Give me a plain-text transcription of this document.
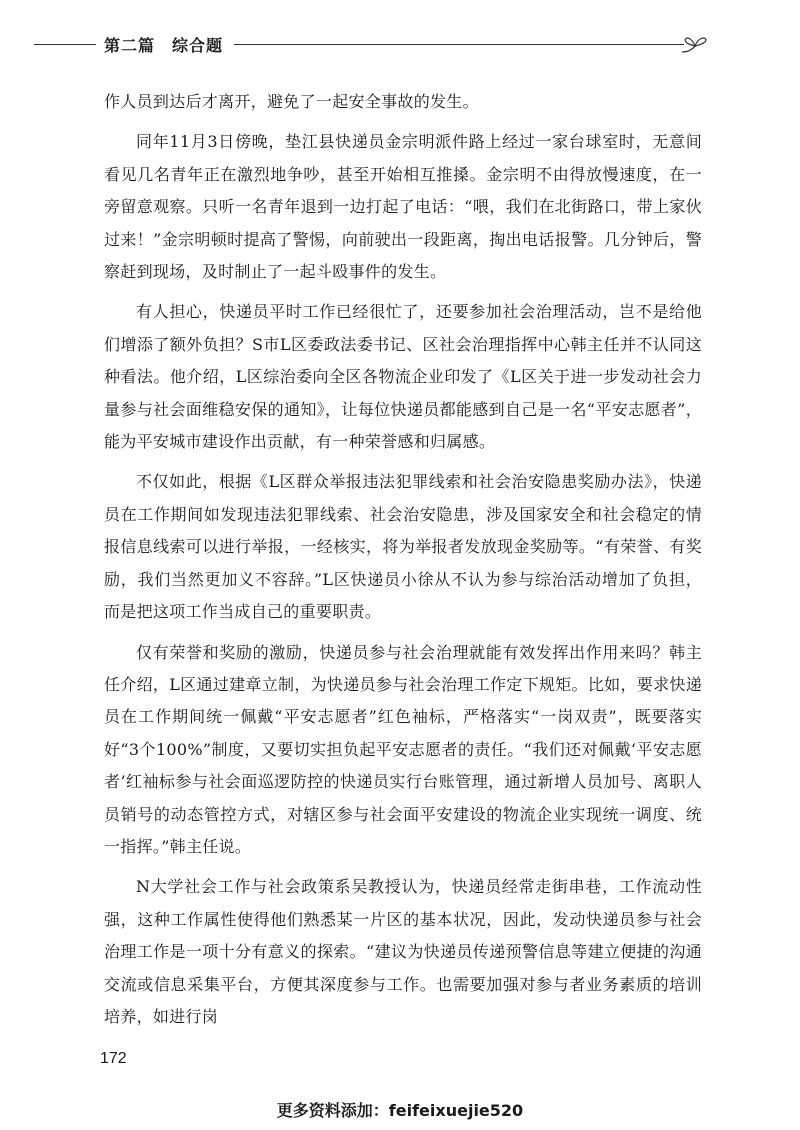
第二篇 综合题

作人员到达后才离开，避免了一起安全事故的发生。

同年11月3日傍晚，垫江县快递员金宗明派件路上经过一家台球室时，无意间看见几名青年正在激烈地争吵，甚至开始相互推搡。金宗明不由得放慢速度，在一旁留意观察。只听一名青年退到一边打起了电话：“喂，我们在北街路口，带上家伙过来！”金宗明顿时提高了警惕，向前驶出一段距离，掏出电话报警。几分钟后，警察赶到现场，及时制止了一起斗殴事件的发生。

有人担心，快递员平时工作已经很忙了，还要参加社会治理活动，岂不是给他们增添了额外负担？S市L区委政法委书记、区社会治理指挥中心韩主任并不认同这种看法。他介绍，L区综治委向全区各物流企业印发了《L区关于进一步发动社会力量参与社会面维稳安保的通知》，让每位快递员都能感到自己是一名“平安志愿者”，能为平安城市建设作出贡献，有一种荣誉感和归属感。

不仅如此，根据《L区群众举报违法犯罪线索和社会治安隐患奖励办法》，快递员在工作期间如发现违法犯罪线索、社会治安隐患，涉及国家安全和社会稳定的情报信息线索可以进行举报，一经核实，将为举报者发放现金奖励等。“有荣誉、有奖励，我们当然更加义不容辞。”L区快递员小徐从不认为参与综治活动增加了负担，而是把这项工作当成自己的重要职责。

仅有荣誉和奖励的激励，快递员参与社会治理就能有效发挥出作用来吗？韩主任介绍，L区通过建章立制，为快递员参与社会治理工作定下规矩。比如，要求快递员在工作期间统一佩戴“平安志愿者”红色袖标，严格落实“一岗双责”，既要落实好“3个100%”制度，又要切实担负起平安志愿者的责任。“我们还对佩戴‘平安志愿者’红袖标参与社会面巡逻防控的快递员实行台账管理，通过新增人员加号、离职人员销号的动态管控方式，对辖区参与社会面平安建设的物流企业实现统一调度、统一指挥。”韩主任说。

N大学社会工作与社会政策系吴教授认为，快递员经常走街串巷，工作流动性强，这种工作属性使得他们熟悉某一片区的基本状况，因此，发动快递员参与社会治理工作是一项十分有意义的探索。“建议为快递员传递预警信息等建立便捷的沟通交流或信息采集平台，方便其深度参与工作。也需要加强对参与者业务素质的培训培养，如进行岗

172
更多资料添加：feifeixuejie520
